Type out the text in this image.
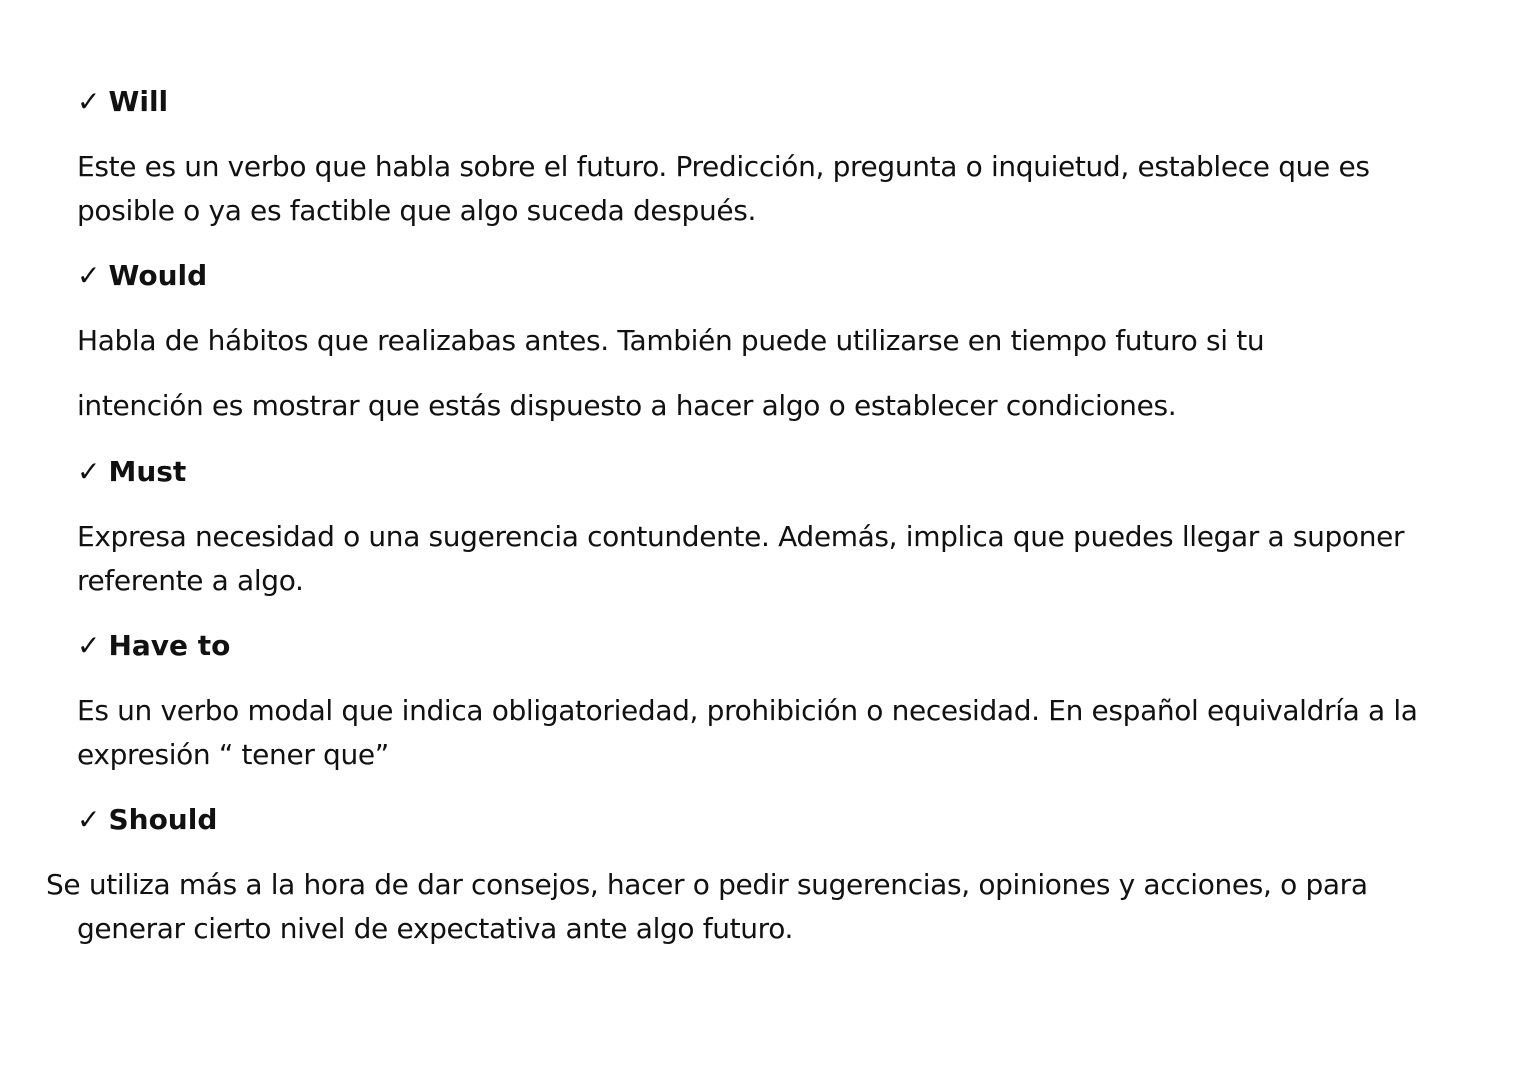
✓ Will
Este es un verbo que habla sobre el futuro. Predicción, pregunta o inquietud, establece que es
posible o ya es factible que algo suceda después.
✓ Would
Habla de hábitos que realizabas antes. También puede utilizarse en tiempo futuro si tu
intención es mostrar que estás dispuesto a hacer algo o establecer condiciones.
✓ Must
Expresa necesidad o una sugerencia contundente. Además, implica que puedes llegar a suponer
referente a algo.
✓ Have to
Es un verbo modal que indica obligatoriedad, prohibición o necesidad. En español equivaldría a la
expresión “ tener que”
✓ Should
Se utiliza más a la hora de dar consejos, hacer o pedir sugerencias, opiniones y acciones, o para
generar cierto nivel de expectativa ante algo futuro.
